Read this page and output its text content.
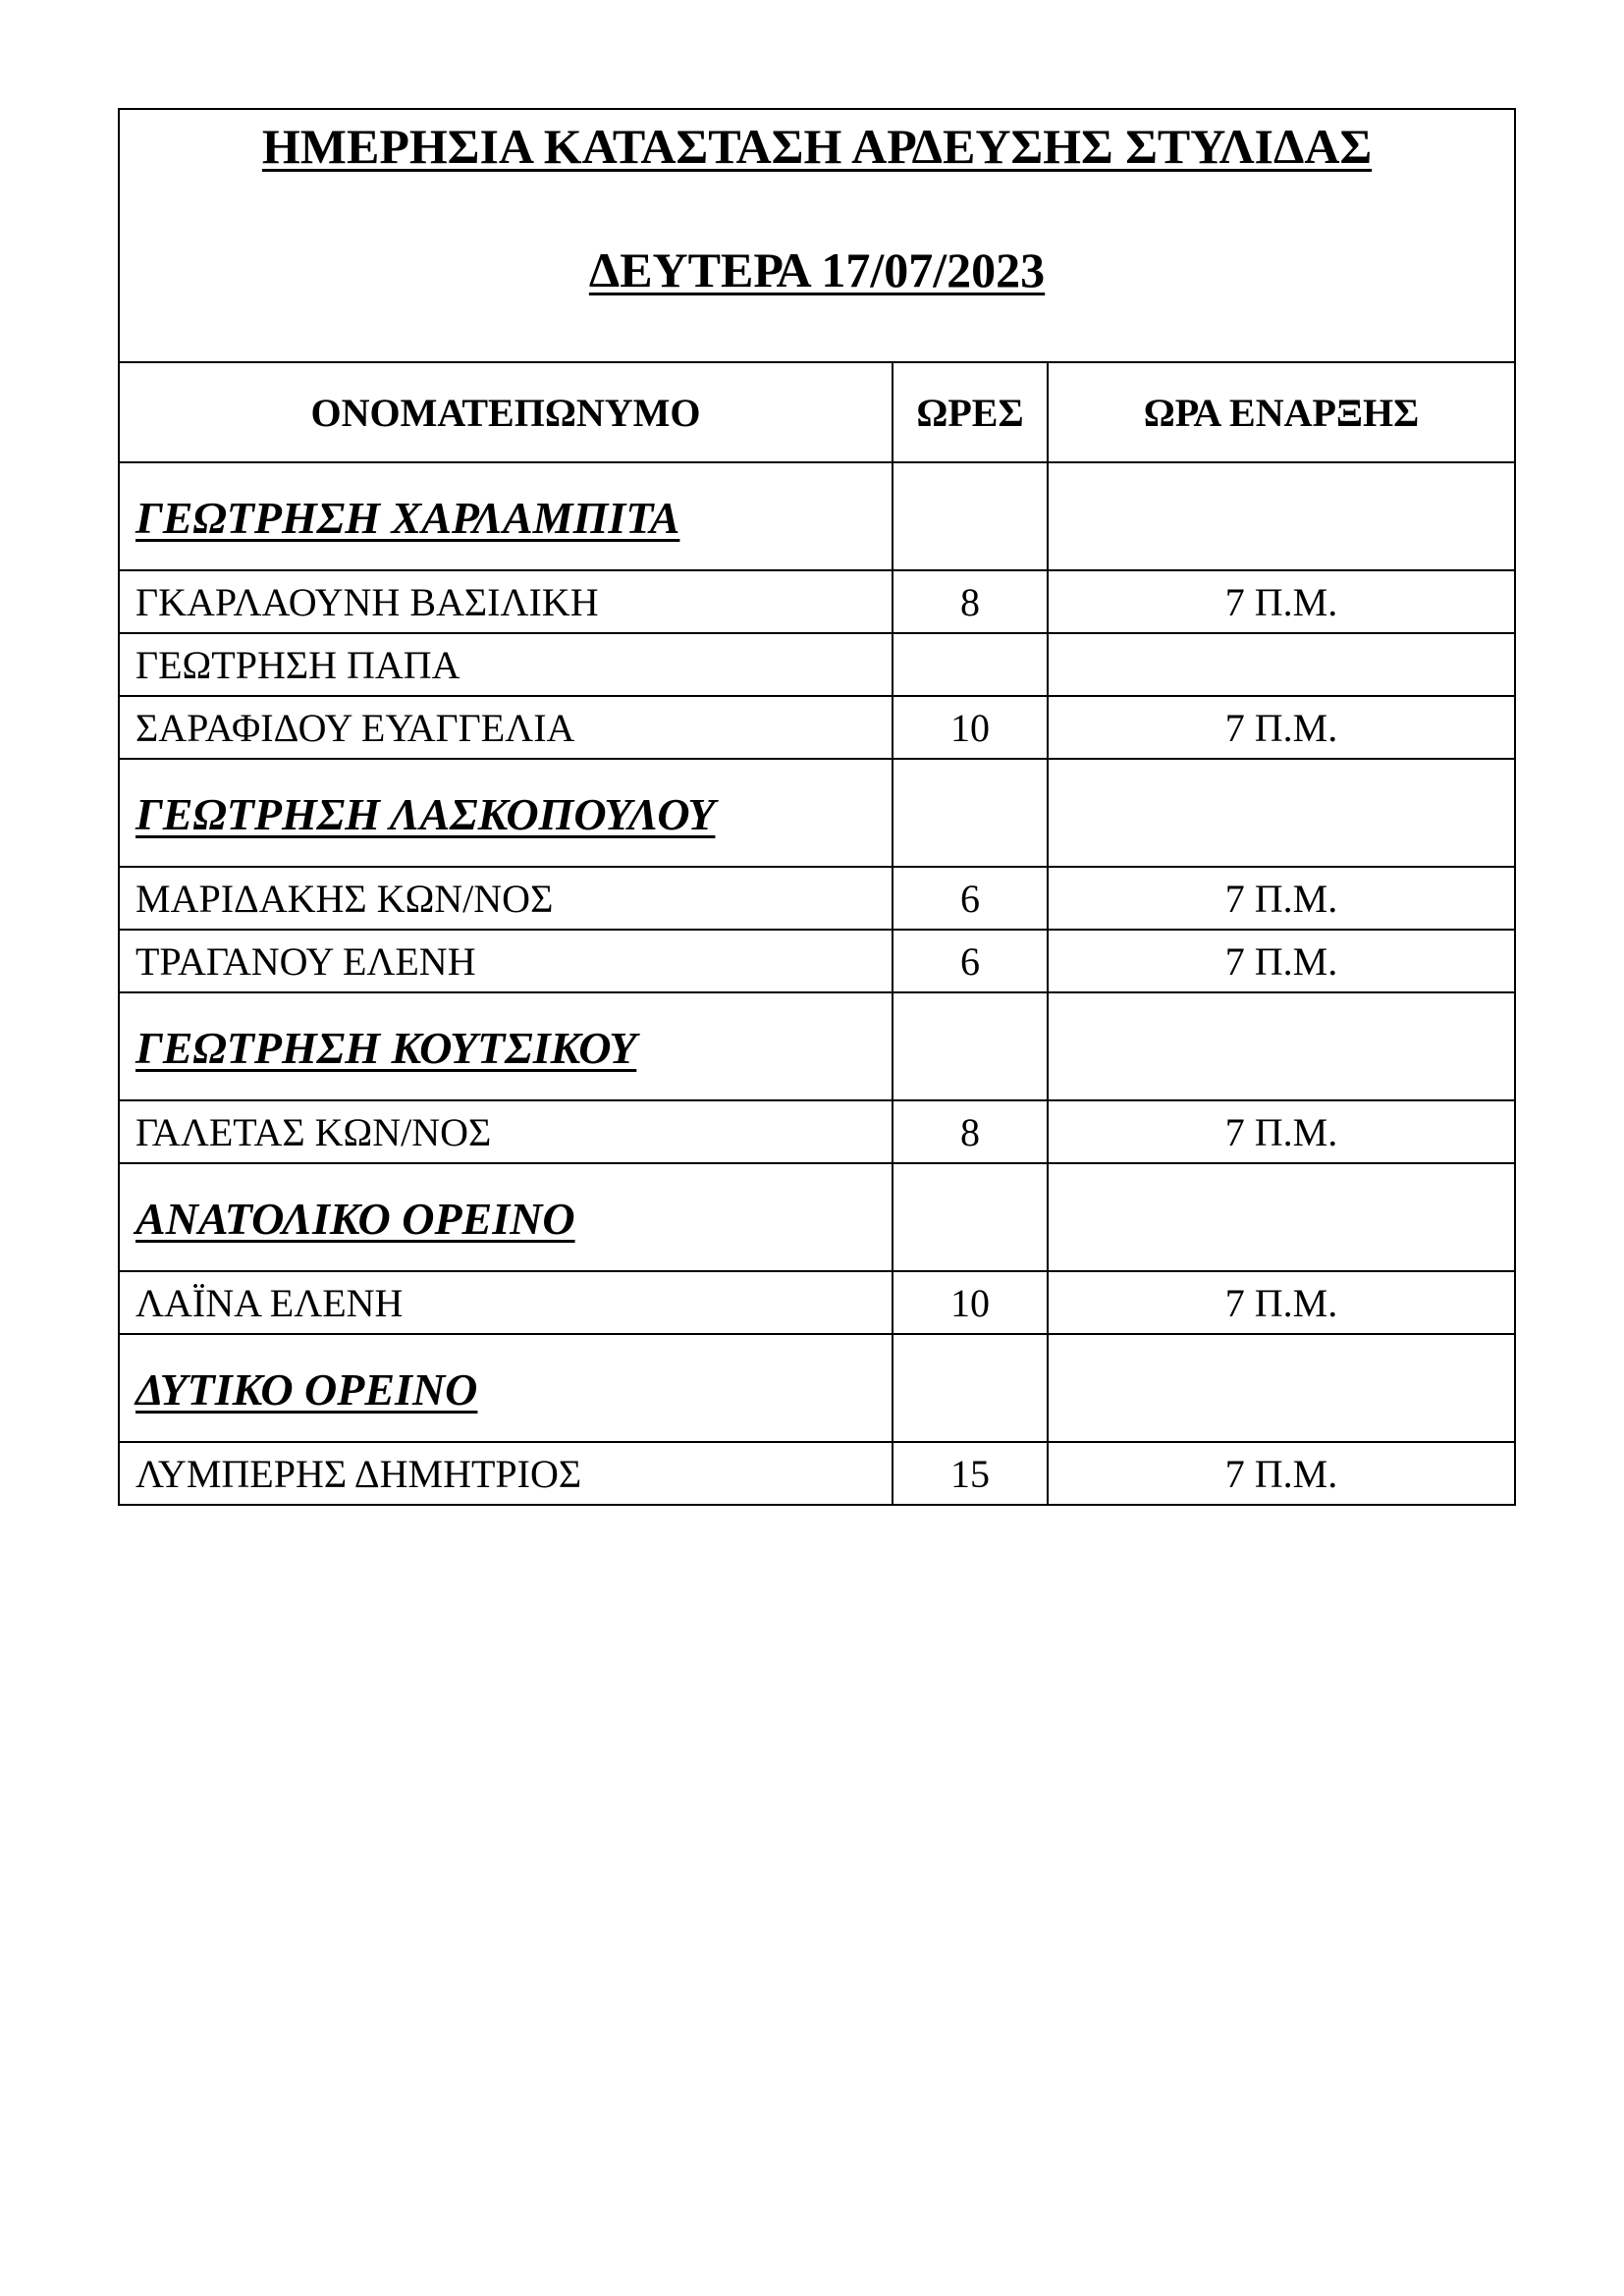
ΗΜΕΡΗΣΙΑ ΚΑΤΑΣΤΑΣΗ ΑΡΔΕΥΣΗΣ ΣΤΥΛΙΔΑΣ
ΔΕΥΤΕΡΑ 17/07/2023		

ΟΝΟΜΑΤΕΠΩΝΥΜΟ	ΩΡΕΣ	ΩΡΑ ΕΝΑΡΞΗΣ

ΓΕΩΤΡΗΣΗ ΧΑΡΛΑΜΠΙΤΑ		

ΓΚΑΡΛΑΟΥΝΗ ΒΑΣΙΛΙΚΗ	8	7 Π.Μ.
ΓΕΩΤΡΗΣΗ ΠΑΠΑ		
ΣΑΡΑΦΙΔΟΥ ΕΥΑΓΓΕΛΙΑ	10	7 Π.Μ.

ΓΕΩΤΡΗΣΗ ΛΑΣΚΟΠΟΥΛΟΥ		

ΜΑΡΙΔΑΚΗΣ ΚΩΝ/ΝΟΣ	6	7 Π.Μ.
ΤΡΑΓΑΝΟΥ ΕΛΕΝΗ	6	7 Π.Μ.

ΓΕΩΤΡΗΣΗ ΚΟΥΤΣΙΚΟΥ		

ΓΑΛΕΤΑΣ ΚΩΝ/ΝΟΣ	8	7 Π.Μ.

ΑΝΑΤΟΛΙΚΟ ΟΡΕΙΝΟ		

ΛΑΪΝΑ ΕΛΕΝΗ	10	7 Π.Μ.

ΔΥΤΙΚΟ ΟΡΕΙΝΟ		

ΛΥΜΠΕΡΗΣ ΔΗΜΗΤΡΙΟΣ	15	7 Π.Μ.
